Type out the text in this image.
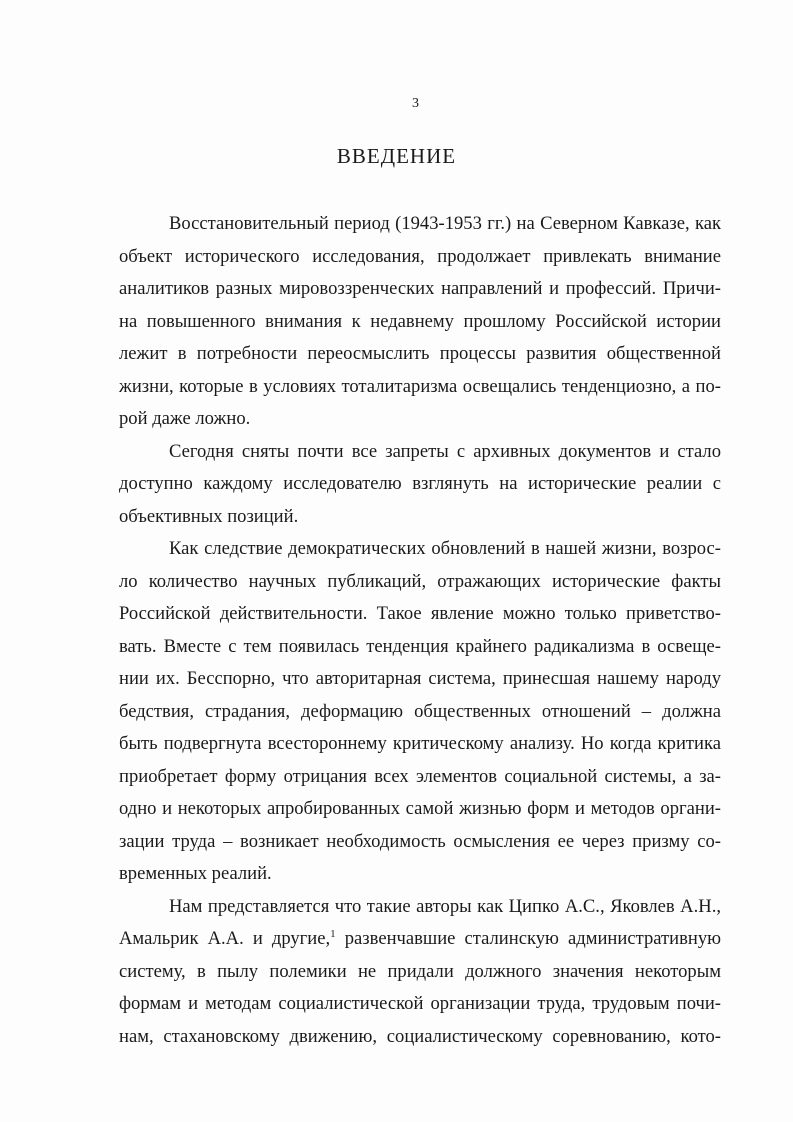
3
ВВЕДЕНИЕ
Восстановительный период (1943-1953 гг.) на Северном Кавказе, как
объект исторического исследования, продолжает привлекать внимание
аналитиков разных мировоззренческих направлений и профессий. Причи-
на повышенного внимания к недавнему прошлому Российской истории
лежит в потребности переосмыслить процессы развития общественной
жизни, которые в условиях тоталитаризма освещались тенденциозно, а по-
рой даже ложно.
Сегодня сняты почти все запреты с архивных документов и стало
доступно каждому исследователю взглянуть на исторические реалии с
объективных позиций.
Как следствие демократических обновлений в нашей жизни, возрос-
ло количество научных публикаций, отражающих исторические факты
Российской действительности. Такое явление можно только приветство-
вать. Вместе с тем появилась тенденция крайнего радикализма в освеще-
нии их. Бесспорно, что авторитарная система, принесшая нашему народу
бедствия, страдания, деформацию общественных отношений – должна
быть подвергнута всестороннему критическому анализу. Но когда критика
приобретает форму отрицания всех элементов социальной системы, а за-
одно и некоторых апробированных самой жизнью форм и методов органи-
зации труда – возникает необходимость осмысления ее через призму со-
временных реалий.
Нам представляется что такие авторы как Ципко А.С., Яковлев А.Н.,
Амальрик А.А. и другие,$^1$ развенчавшие сталинскую административную
систему, в пылу полемики не придали должного значения некоторым
формам и методам социалистической организации труда, трудовым почи-
нам, стахановскому движению, социалистическому соревнованию, кото-
